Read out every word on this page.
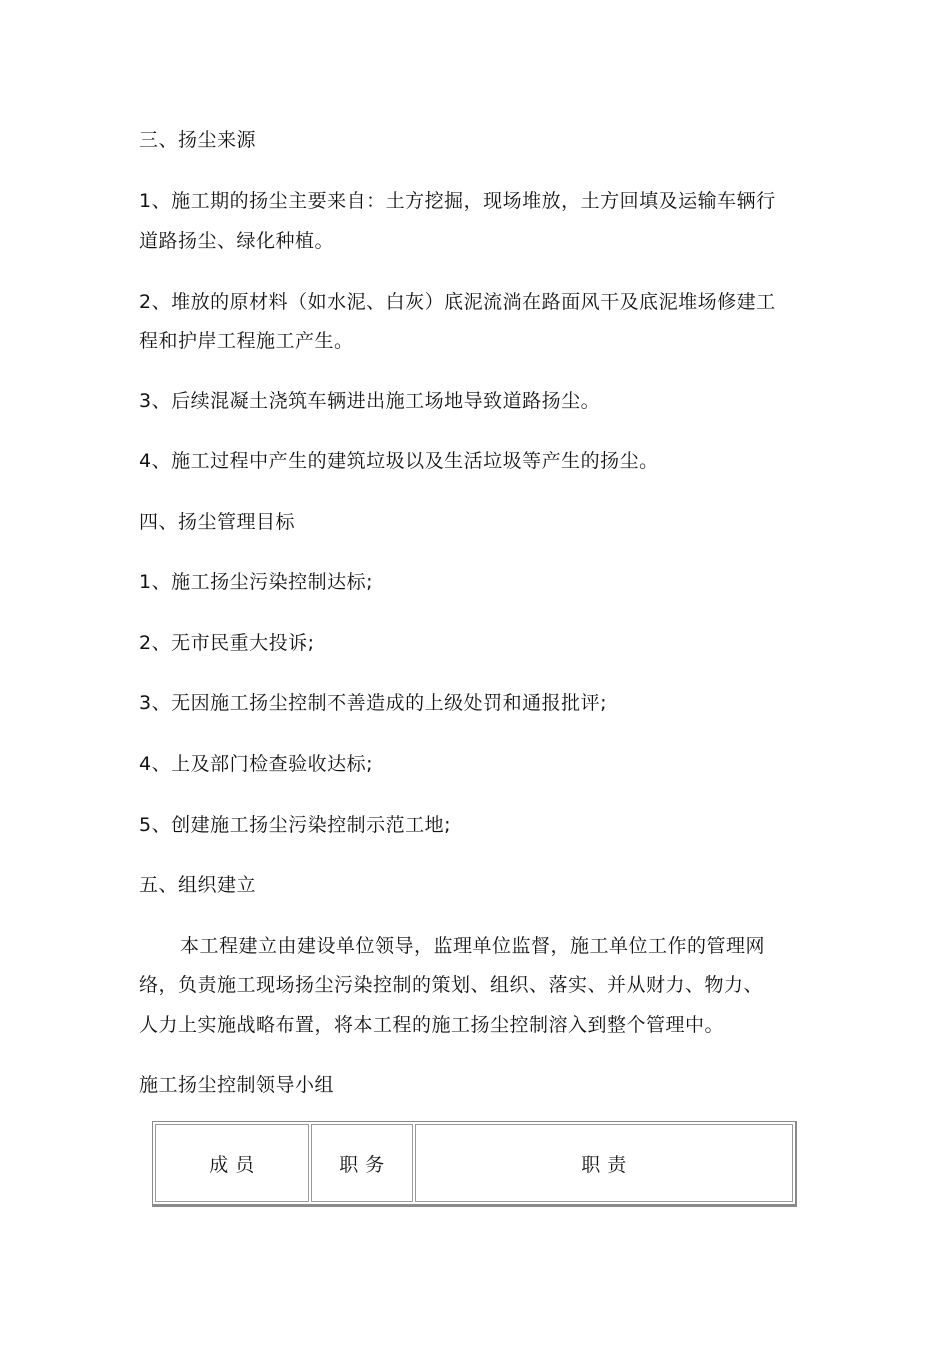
三、扬尘来源
1、施工期的扬尘主要来自：土方挖掘，现场堆放，土方回填及运输车辆行
道路扬尘、绿化种植。
2、堆放的原材料（如水泥、白灰）底泥流淌在路面风干及底泥堆场修建工
程和护岸工程施工产生。
3、后续混凝土浇筑车辆进出施工场地导致道路扬尘。
4、施工过程中产生的建筑垃圾以及生活垃圾等产生的扬尘。
四、扬尘管理目标
1、施工扬尘污染控制达标;
2、无市民重大投诉;
3、无因施工扬尘控制不善造成的上级处罚和通报批评;
4、上及部门检查验收达标;
5、创建施工扬尘污染控制示范工地;
五、组织建立
本工程建立由建设单位领导，监理单位监督，施工单位工作的管理网
络，负责施工现场扬尘污染控制的策划、组织、落实、并从财力、物力、
人力上实施战略布置，将本工程的施工扬尘控制溶入到整个管理中。
施工扬尘控制领导小组
成 员	职 务	职 责
